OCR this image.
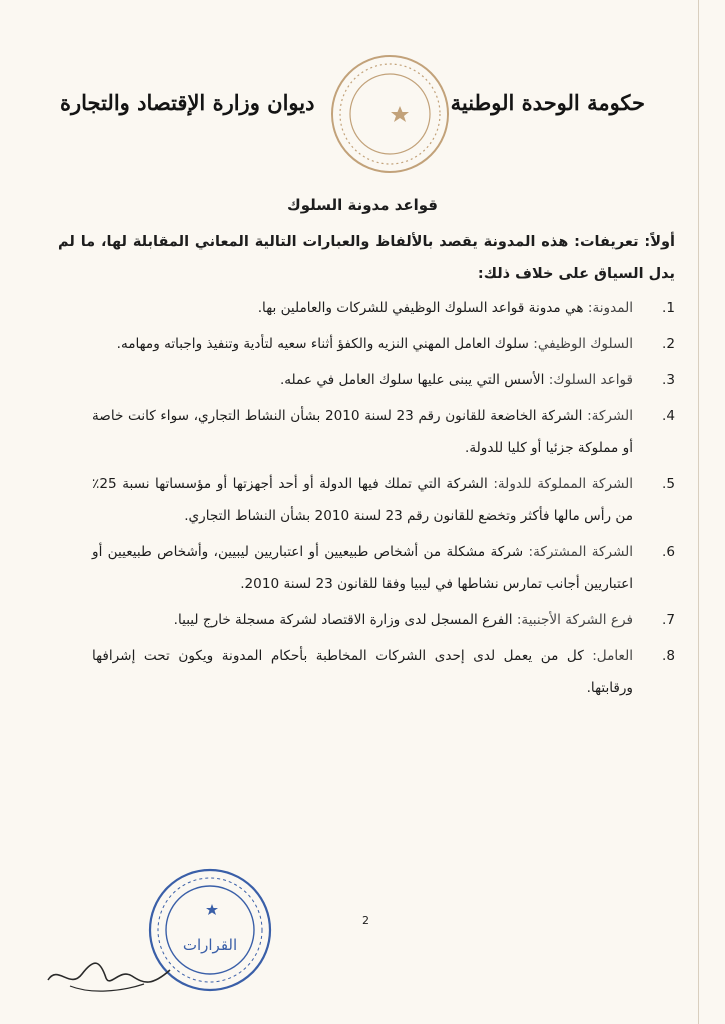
حكومة الوحدة الوطنية
ديوان وزارة الإقتصاد والتجارة
قواعد مدونة السلوك
أولاً: تعريفات: هذه المدونة يقصد بالألفاظ والعبارات التالية المعاني المقابلة لها، ما لم يدل السياق على خلاف ذلك:
.1
المدونة: هي مدونة قواعد السلوك الوظيفي للشركات والعاملين بها.
.2
السلوك الوظيفي: سلوك العامل المهني النزيه والكفؤ أثناء سعيه لتأدية وتنفيذ واجباته ومهامه.
.3
قواعد السلوك: الأسس التي يبنى عليها سلوك العامل في عمله.
.4
الشركة: الشركة الخاضعة للقانون رقم 23 لسنة 2010 بشأن النشاط التجاري، سواء كانت خاصة أو مملوكة جزئيا أو كليا للدولة.
.5
الشركة المملوكة للدولة: الشركة التي تملك فيها الدولة أو أحد أجهزتها أو مؤسساتها نسبة 25٪ من رأس مالها فأكثر وتخضع للقانون رقم 23 لسنة 2010 بشأن النشاط التجاري.
.6
الشركة المشتركة: شركة مشكلة من أشخاص طبيعيين أو اعتباريين ليبيين، وأشخاص طبيعيين أو اعتباريين أجانب تمارس نشاطها في ليبيا وفقا للقانون 23 لسنة 2010.
.7
فرع الشركة الأجنبية: الفرع المسجل لدى وزارة الاقتصاد لشركة مسجلة خارج ليبيا.
.8
العامل: كل من يعمل لدى إحدى الشركات المخاطبة بأحكام المدونة ويكون تحت إشرافها ورقابتها.
القرارات
2
